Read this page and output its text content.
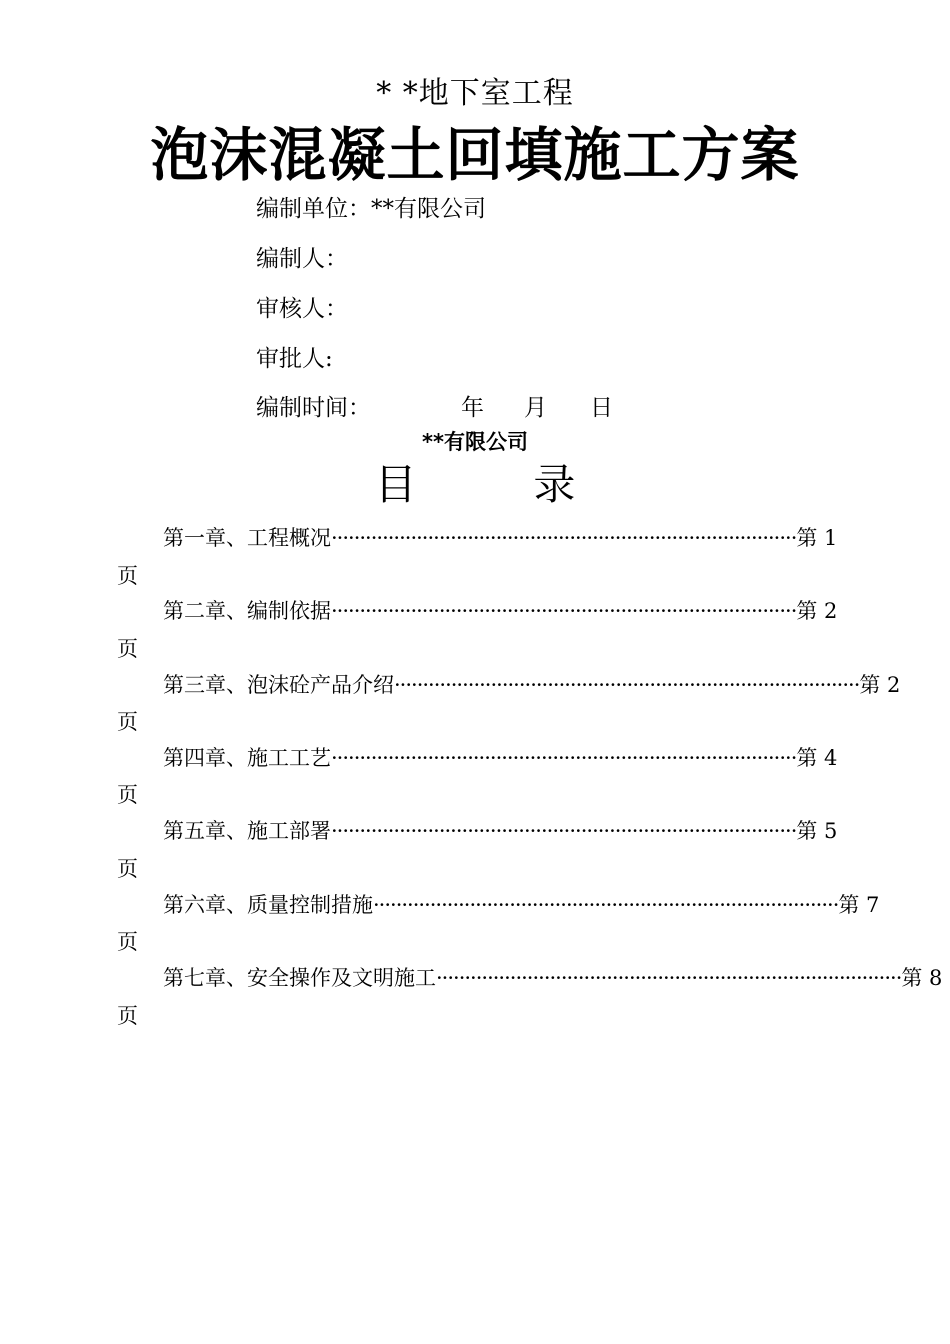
* *地下室工程
泡沫混凝土回填施工方案
编制单位：**有限公司
编制人：
审核人：
审批人:
编制时间：	年 月 日
**有限公司
目	录
第一章、工程概况 ·················································································· 第 1
页
第二章、编制依据 ·················································································· 第 2
页
第三章、泡沫砼产品介绍 ·················································································· 第 2
页
第四章、施工工艺 ·················································································· 第 4
页
第五章、施工部署 ·················································································· 第 5
页
第六章、质量控制措施 ·················································································· 第 7
页
第七章、安全操作及文明施工 ·················································································· 第 8
页
